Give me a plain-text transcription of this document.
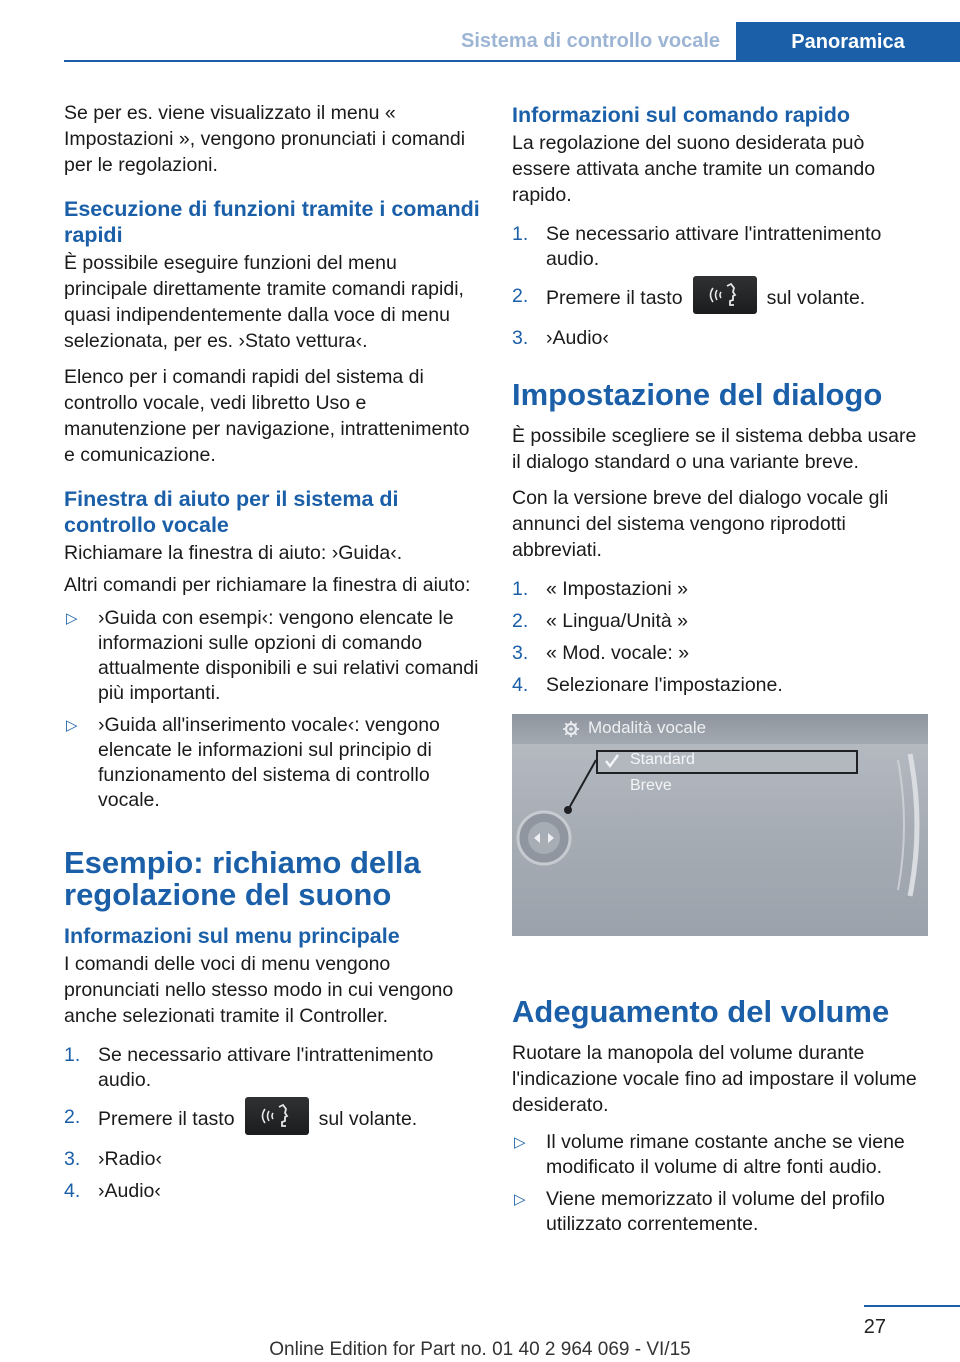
Sistema di controllo vocale	Panoramica

Se per es. viene visualizzato il menu « Impostazioni », vengono pronunciati i comandi per le regolazioni.

Esecuzione di funzioni tramite i comandi rapidi

È possibile eseguire funzioni del menu principale direttamente tramite comandi rapidi, quasi indipendentemente dalla voce di menu selezionata, per es. ›Stato vettura‹.

Elenco per i comandi rapidi del sistema di controllo vocale, vedi libretto Uso e manutenzione per navigazione, intrattenimento e comunicazione.

Finestra di aiuto per il sistema di controllo vocale

Richiamare la finestra di aiuto: ›Guida‹.

Altri comandi per richiamare la finestra di aiuto:

▷ ›Guida con esempi‹: vengono elencate le informazioni sulle opzioni di comando attualmente disponibili e sui relativi comandi più importanti.
▷ ›Guida all'inserimento vocale‹: vengono elencate le informazioni sul principio di funzionamento del sistema di controllo vocale.
Esempio: richiamo della regolazione del suono
Informazioni sul menu principale

I comandi delle voci di menu vengono pronunciati nello stesso modo in cui vengono anche selezionati tramite il Controller.

1. Se necessario attivare l'intrattenimento audio.
2. Premere il tasto	sul volante.
3. ›Radio‹
4. ›Audio‹
Informazioni sul comando rapido

La regolazione del suono desiderata può essere attivata anche tramite un comando rapido.

1. Se necessario attivare l'intrattenimento audio.
2. Premere il tasto	sul volante.
3. ›Audio‹
Impostazione del dialogo

È possibile scegliere se il sistema debba usare il dialogo standard o una variante breve.

Con la versione breve del dialogo vocale gli annunci del sistema vengono riprodotti abbreviati.

1. « Impostazioni »
2. « Lingua/Unità »
3. « Mod. vocale: »
4. Selezionare l'impostazione.
Modalità vocale
Standard
Breve
Adeguamento del volume

Ruotare la manopola del volume durante l'indicazione vocale fino ad impostare il volume desiderato.

▷ Il volume rimane costante anche se viene modificato il volume di altre fonti audio.
▷ Viene memorizzato il volume del profilo utilizzato correntemente.
27
Online Edition for Part no. 01 40 2 964 069 - VI/15
